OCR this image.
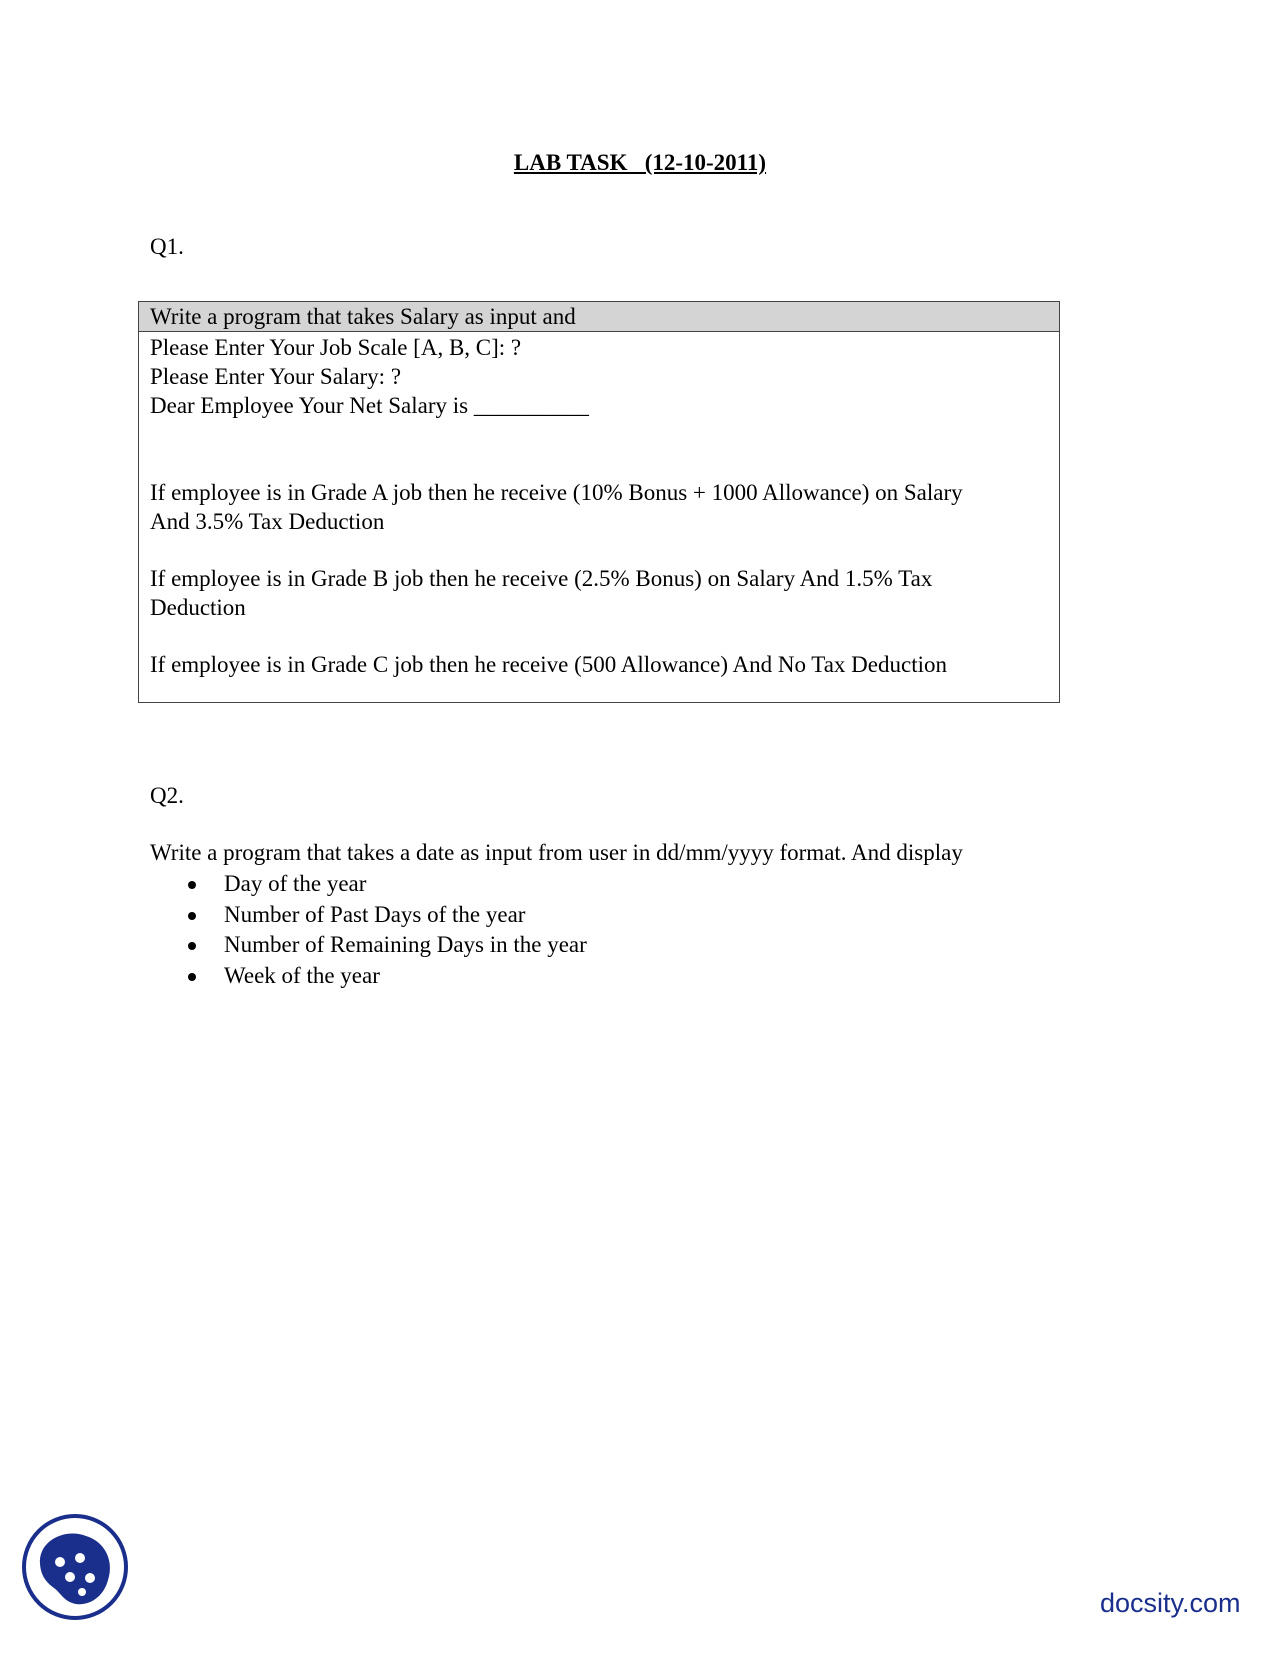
LAB TASK   (12-10-2011)
Q1.
Write a program that takes Salary as input and
Please Enter Your Job Scale [A, B, C]: ?
Please Enter Your Salary: ?
Dear Employee Your Net Salary is __________
If employee is in Grade A job then he receive (10% Bonus + 1000 Allowance) on Salary
And 3.5% Tax Deduction
If employee is in Grade B job then he receive (2.5% Bonus) on Salary And 1.5% Tax
Deduction
If employee is in Grade C job then he receive (500 Allowance) And No Tax Deduction
Q2.
Write a program that takes a date as input from user in dd/mm/yyyy format. And display
Day of the year
Number of Past Days of the year
Number of Remaining Days in the year
Week of the year
docsity.com
